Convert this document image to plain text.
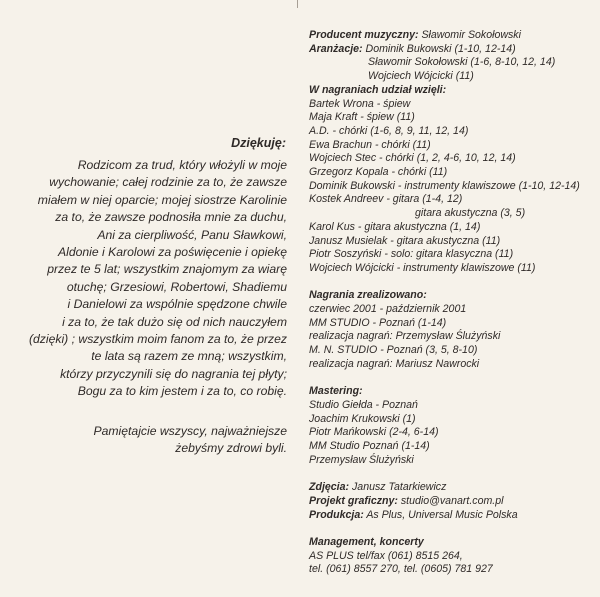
Dziękuję:
Rodzicom za trud, który włożyli w moje
wychowanie; całej rodzinie za to, że zawsze
miałem w niej oparcie; mojej siostrze Karolinie
za to, że zawsze podnosiła mnie za duchu,
Ani za cierpliwość, Panu Sławkowi,
Aldonie i Karolowi za poświęcenie i opiekę
przez te 5 lat; wszystkim znajomym za wiarę
otuchę; Grzesiowi, Robertowi, Shadiemu
i Danielowi za wspólnie spędzone chwile
i za to, że tak dużo się od nich nauczyłem
(dzięki) ; wszystkim moim fanom za to, że przez
te lata są razem ze mną; wszystkim,
którzy przyczynili się do nagrania tej płyty;
Bogu za to kim jestem i za to, co robię.
Pamiętajcie wszyscy, najważniejsze
żebyśmy zdrowi byli.
Producent muzyczny: Sławomir Sokołowski
Aranżacje: Dominik Bukowski (1-10, 12-14)
Sławomir Sokołowski (1-6, 8-10, 12, 14)
Wojciech Wójcicki (11)
W nagraniach udział wzięli:
Bartek Wrona - śpiew
Maja Kraft - śpiew (11)
A.D. - chórki (1-6, 8, 9, 11, 12, 14)
Ewa Brachun - chórki (11)
Wojciech Stec - chórki (1, 2, 4-6, 10, 12, 14)
Grzegorz Kopala - chórki (11)
Dominik Bukowski - instrumenty klawiszowe (1-10, 12-14)
Kostek Andreev - gitara (1-4, 12)
gitara akustyczna (3, 5)
Karol Kus - gitara akustyczna (1, 14)
Janusz Musielak - gitara akustyczna (11)
Piotr Soszyński - solo: gitara klasyczna (11)
Wojciech Wójcicki - instrumenty klawiszowe (11)
Nagrania zrealizowano:
czerwiec 2001 - październik 2001
MM STUDIO - Poznań (1-14)
realizacja nagrań: Przemysław Ślużyński
M. N. STUDIO - Poznań (3, 5, 8-10)
realizacja nagrań: Mariusz Nawrocki
Mastering:
Studio Giełda - Poznań
Joachim Krukowski (1)
Piotr Mańkowski (2-4, 6-14)
MM Studio Poznań (1-14)
Przemysław Ślużyński
Zdjęcia: Janusz Tatarkiewicz
Projekt graficzny: studio@vanart.com.pl
Produkcja: As Plus, Universal Music Polska
Management, koncerty
AS PLUS tel/fax (061) 8515 264,
tel. (061) 8557 270, tel. (0605) 781 927
